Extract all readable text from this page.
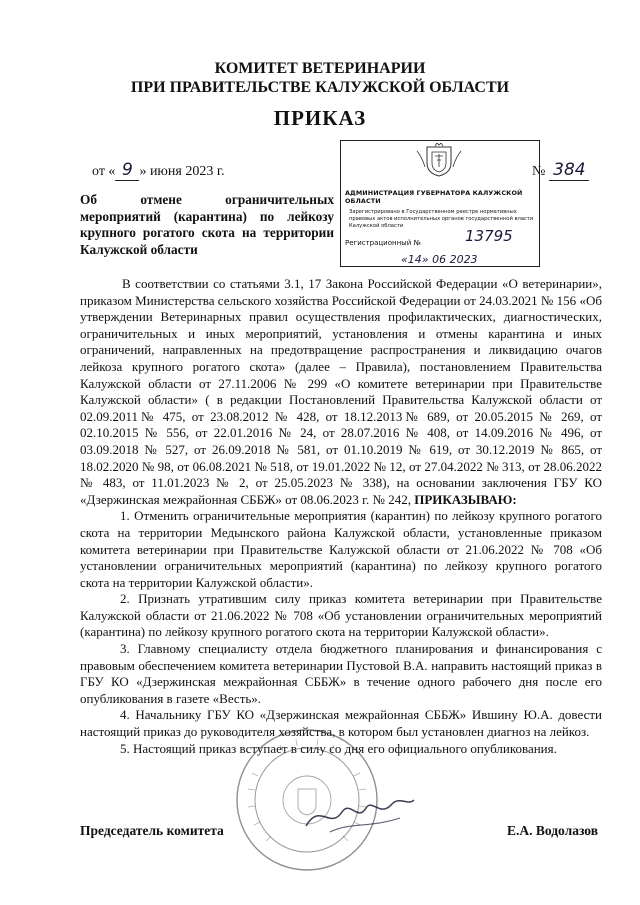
КОМИТЕТ ВЕТЕРИНАРИИ
ПРИ ПРАВИТЕЛЬСТВЕ КАЛУЖСКОЙ ОБЛАСТИ
ПРИКАЗ
от « 9 » июня 2023 г.	№ 384
Об отмене ограничительных мероприятий (карантина) по лейкозу крупного рогатого скота на территории Калужской области
АДМИНИСТРАЦИЯ ГУБЕРНАТОРА КАЛУЖСКОЙ ОБЛАСТИ
Зарегистрировано в Государственном реестре нормативных правовых актов исполнительных органов государственной власти Калужской области
Регистрационный №	13795
«14» 06 2023

В соответствии со статьями 3.1, 17 Закона Российской Федерации «О ветеринарии», приказом Министерства сельского хозяйства Российской Федерации от 24.03.2021 № 156 «Об утверждении Ветеринарных правил осуществления профилактических, диагностических, ограничительных и иных мероприятий, установления и отмены карантина и иных ограничений, направленных на предотвращение распространения и ликвидацию очагов лейкоза крупного рогатого скота» (далее – Правила), постановлением Правительства Калужской области от 27.11.2006 № 299 «О комитете ветеринарии при Правительстве Калужской области» ( в редакции Постановлений Правительства Калужской области от 02.09.2011№ 475, от 23.08.2012 № 428, от 18.12.2013№ 689, от 20.05.2015 № 269, от 02.10.2015 № 556, от 22.01.2016 № 24, от 28.07.2016 № 408, от 14.09.2016 № 496, от 03.09.2018 № 527, от 26.09.2018 № 581, от 01.10.2019 № 619, от 30.12.2019 № 865, от 18.02.2020 № 98, от 06.08.2021 № 518, от 19.01.2022 № 12, от 27.04.2022 № 313, от 28.06.2022 № 483, от 11.01.2023 № 2, от 25.05.2023 № 338), на основании заключения ГБУ КО «Дзержинская межрайонная СББЖ» от 08.06.2023 г. № 242, ПРИКАЗЫВАЮ:

1. Отменить ограничительные мероприятия (карантин) по лейкозу крупного рогатого скота на территории Медынского района Калужской области, установленные приказом комитета ветеринарии при Правительстве Калужской области от 21.06.2022 № 708 «Об установлении ограничительных мероприятий (карантина) по лейкозу крупного рогатого скота на территории Калужской области».

2. Признать утратившим силу приказ комитета ветеринарии при Правительстве Калужской области от 21.06.2022 № 708 «Об установлении ограничительных мероприятий (карантина) по лейкозу крупного рогатого скота на территории Калужской области».

3. Главному специалисту отдела бюджетного планирования и финансирования с правовым обеспечением комитета ветеринарии Пустовой В.А. направить настоящий приказ в ГБУ КО «Дзержинская межрайонная СББЖ» в течение одного рабочего дня после его опубликования в газете «Весть».

4. Начальнику ГБУ КО «Дзержинская межрайонная СББЖ» Ившину Ю.А. довести настоящий приказ до руководителя хозяйства, в котором был установлен диагноз на лейкоз.

5. Настоящий приказ вступает в силу со дня его официального опубликования.

Председатель комитета	Е.А. Водолазов
